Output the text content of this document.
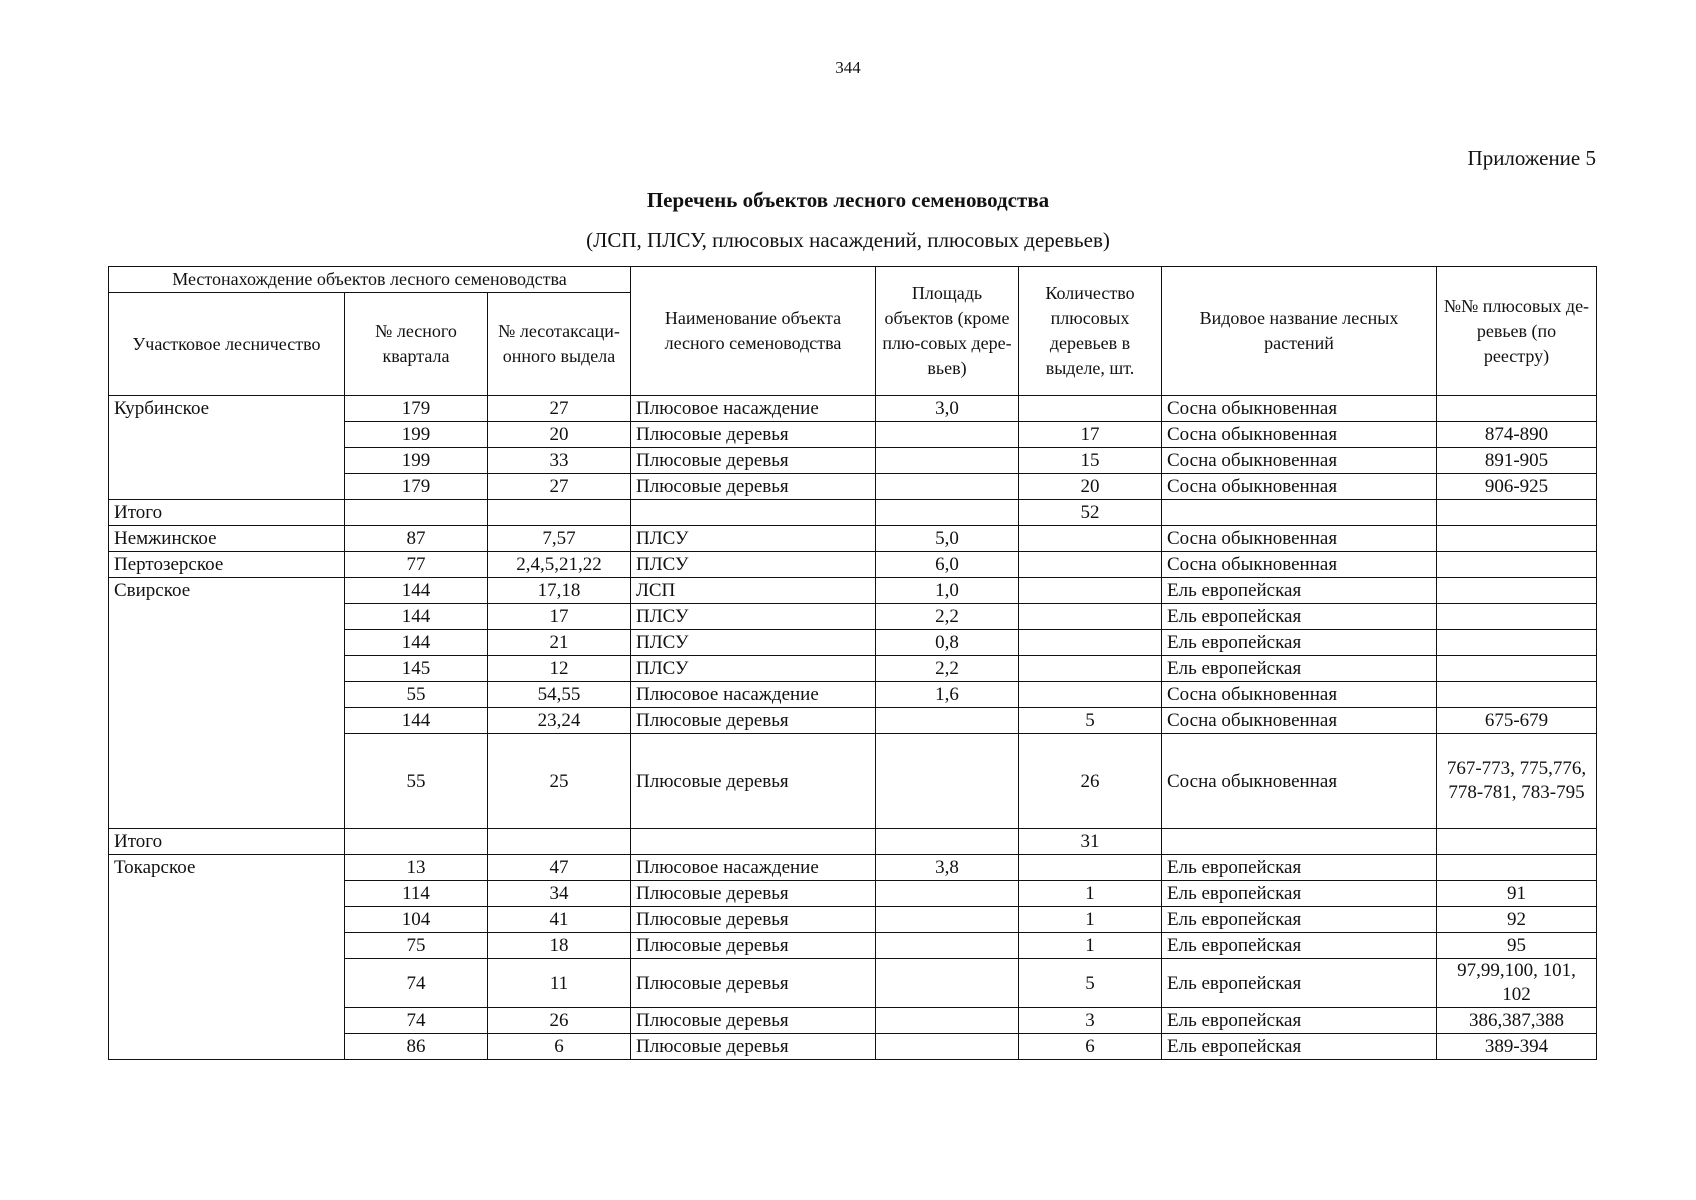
344
Приложение 5
Перечень объектов лесного семеноводства
(ЛСП, ПЛСУ, плюсовых насаждений, плюсовых деревьев)
Местонахождение объектов лесного семеноводства			Наименование объекта лесного семеноводства	Площадь объектов (кроме плю-совых дере-вьев)	Количество плюсовых деревьев в выделе, шт.	Видовое название лесных растений	№№ плюсовых де-ревьев (по реестру)
Участковое лесничество	№ лесного квартала	№ лесотаксаци-онного выдела					
Курбинское	179	27	Плюсовое насаждение	3,0		Сосна обыкновенная	
	199	20	Плюсовые деревья		17	Сосна обыкновенная	874-890
	199	33	Плюсовые деревья		15	Сосна обыкновенная	891-905
	179	27	Плюсовые деревья		20	Сосна обыкновенная	906-925
Итого					52		
Немжинское	87	7,57	ПЛСУ	5,0		Сосна обыкновенная	
Пертозерское	77	2,4,5,21,22	ПЛСУ	6,0		Сосна обыкновенная	
Свирское	144	17,18	ЛСП	1,0		Ель европейская	
	144	17	ПЛСУ	2,2		Ель европейская	
	144	21	ПЛСУ	0,8		Ель европейская	
	145	12	ПЛСУ	2,2		Ель европейская	
	55	54,55	Плюсовое насаждение	1,6		Сосна обыкновенная	
	144	23,24	Плюсовые деревья		5	Сосна обыкновенная	675-679
	55	25	Плюсовые деревья		26	Сосна обыкновенная	767-773, 775,776, 778-781, 783-795
Итого					31		
Токарское	13	47	Плюсовое насаждение	3,8		Ель европейская	
	114	34	Плюсовые деревья		1	Ель европейская	91
	104	41	Плюсовые деревья		1	Ель европейская	92
	75	18	Плюсовые деревья		1	Ель европейская	95
	74	11	Плюсовые деревья		5	Ель европейская	97,99,100, 101, 102
	74	26	Плюсовые деревья		3	Ель европейская	386,387,388
	86	6	Плюсовые деревья		6	Ель европейская	389-394
